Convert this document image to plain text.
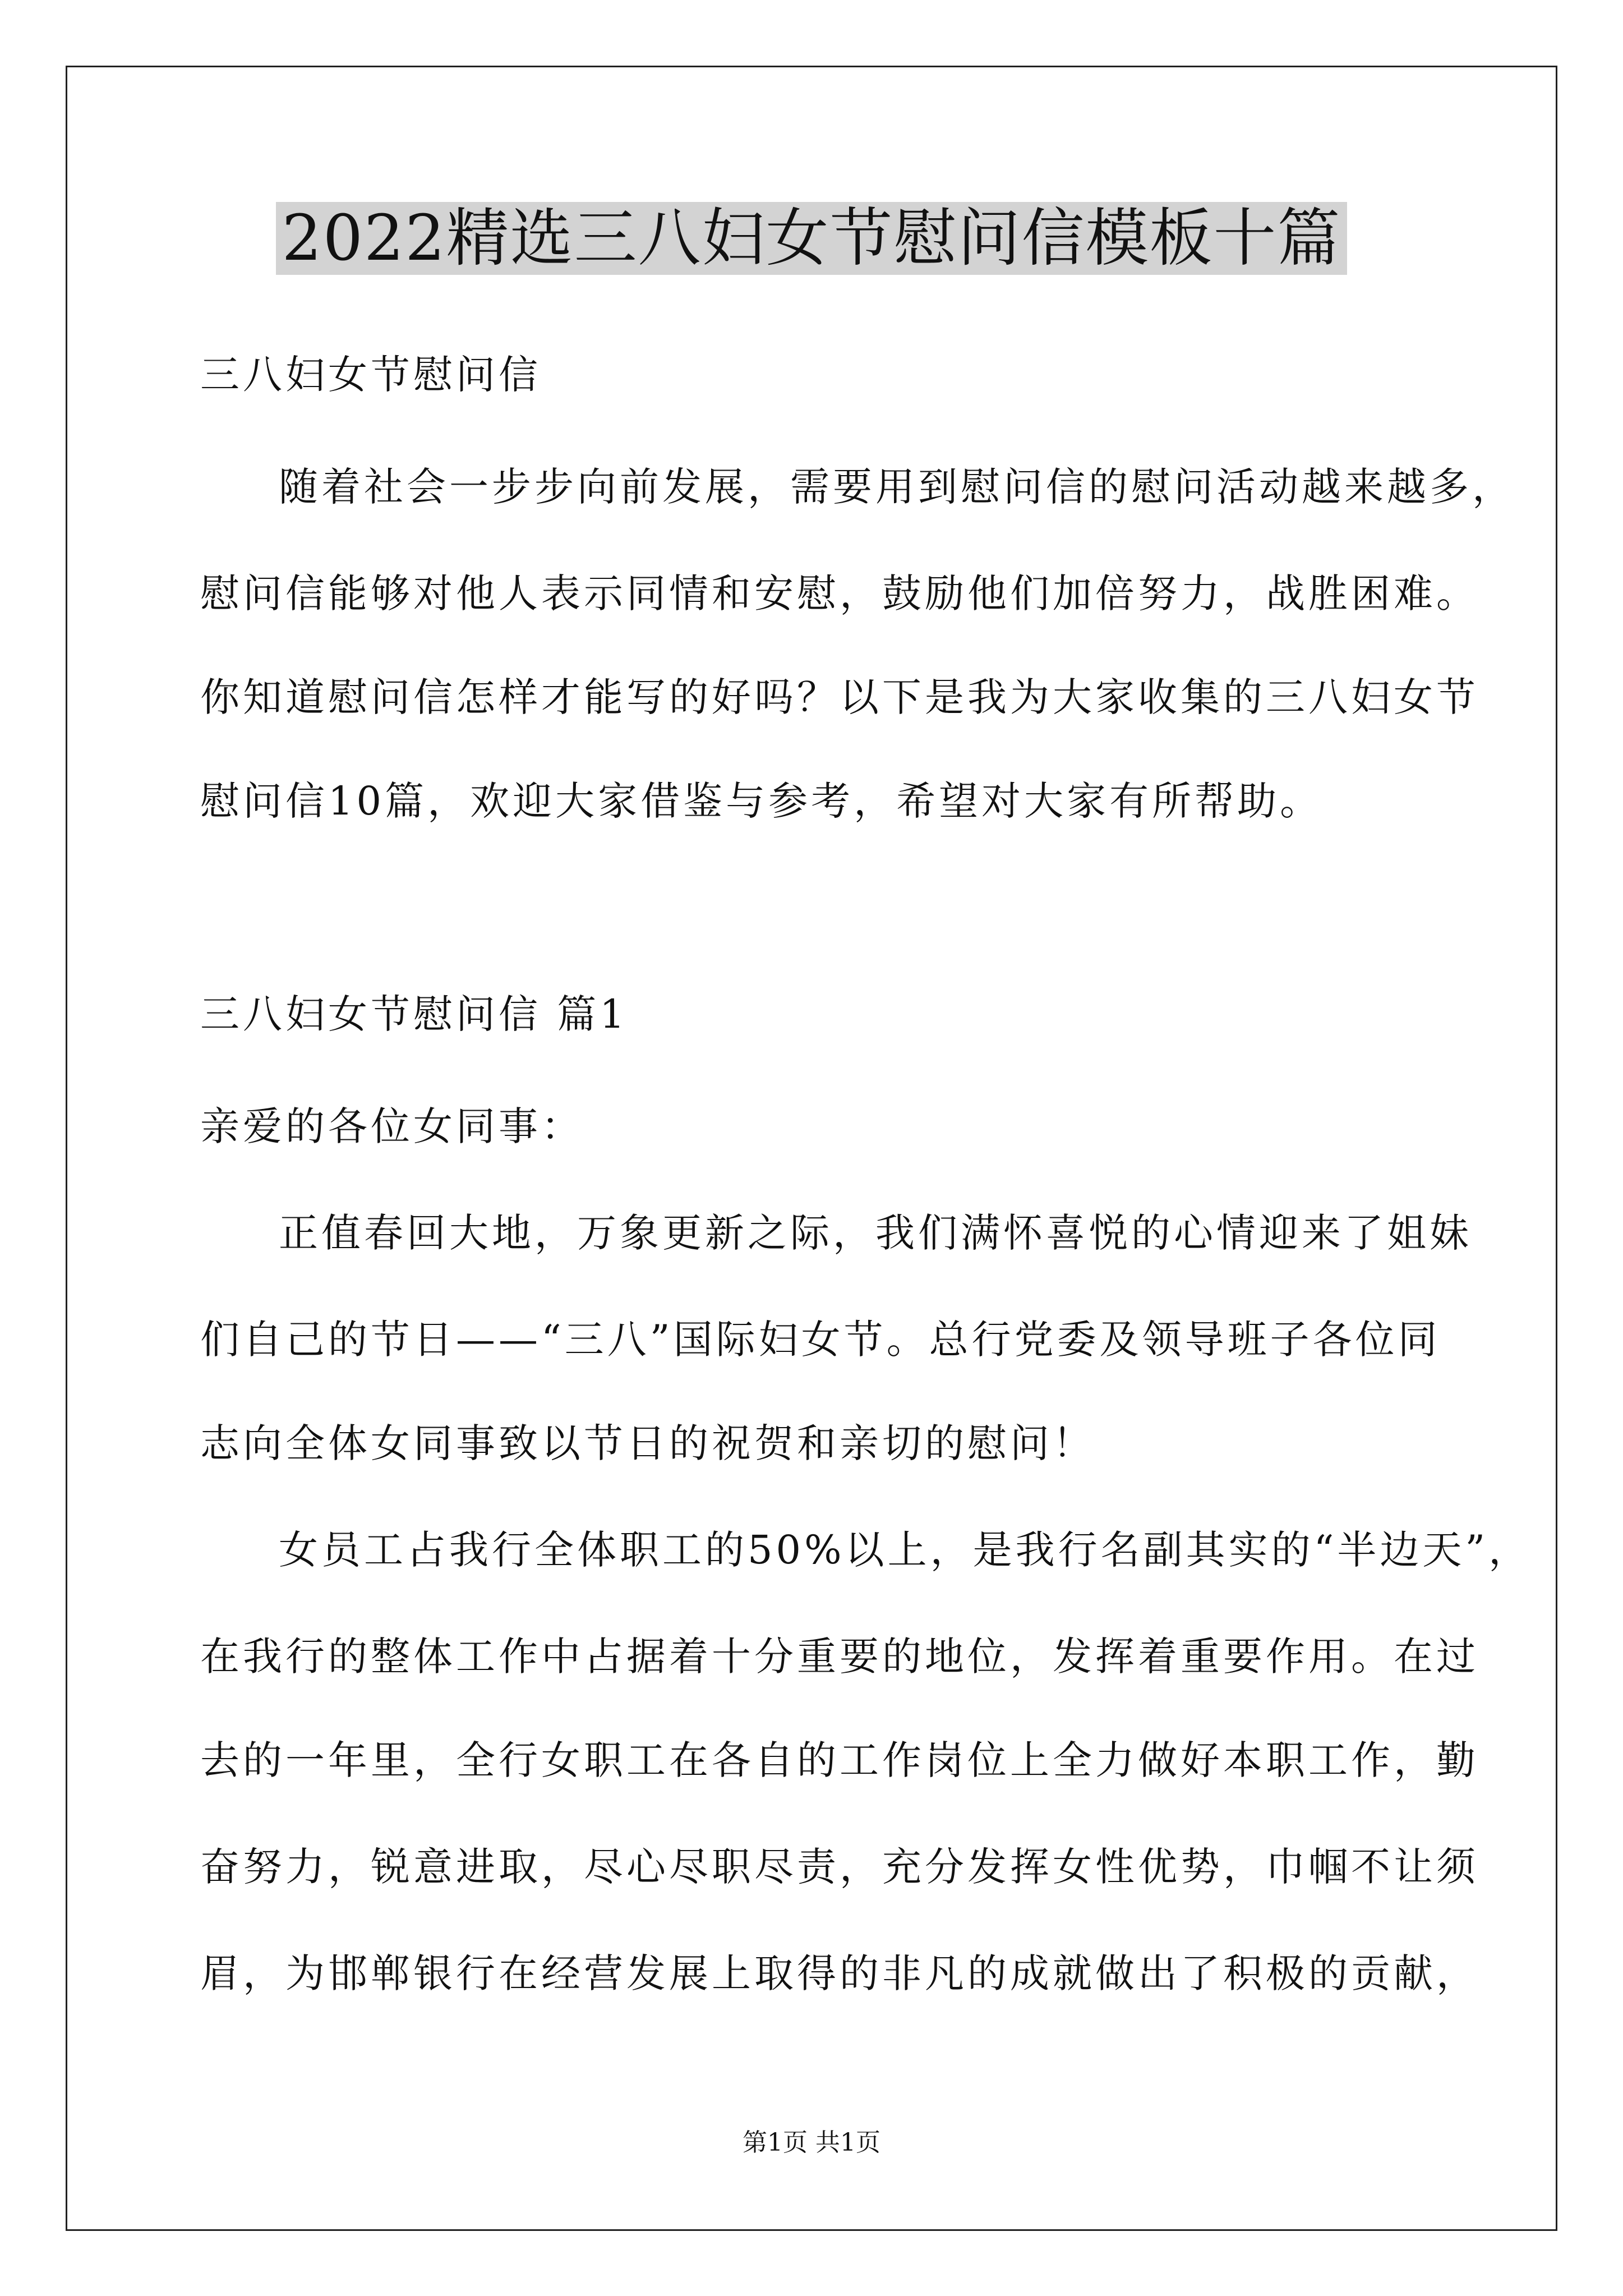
2022精选三八妇女节慰问信模板十篇
三八妇女节慰问信
随着社会一步步向前发展，需要用到慰问信的慰问活动越来越多，
慰问信能够对他人表示同情和安慰，鼓励他们加倍努力，战胜困难。
你知道慰问信怎样才能写的好吗？以下是我为大家收集的三八妇女节
慰问信10篇，欢迎大家借鉴与参考，希望对大家有所帮助。
三八妇女节慰问信 篇1
亲爱的各位女同事：
正值春回大地，万象更新之际，我们满怀喜悦的心情迎来了姐妹
们自己的节日——“三八”国际妇女节。总行党委及领导班子各位同
志向全体女同事致以节日的祝贺和亲切的慰问！
女员工占我行全体职工的50%以上，是我行名副其实的“半边天”，
在我行的整体工作中占据着十分重要的地位，发挥着重要作用。在过
去的一年里，全行女职工在各自的工作岗位上全力做好本职工作，勤
奋努力，锐意进取，尽心尽职尽责，充分发挥女性优势，巾帼不让须
眉，为邯郸银行在经营发展上取得的非凡的成就做出了积极的贡献，
第1页 共1页
